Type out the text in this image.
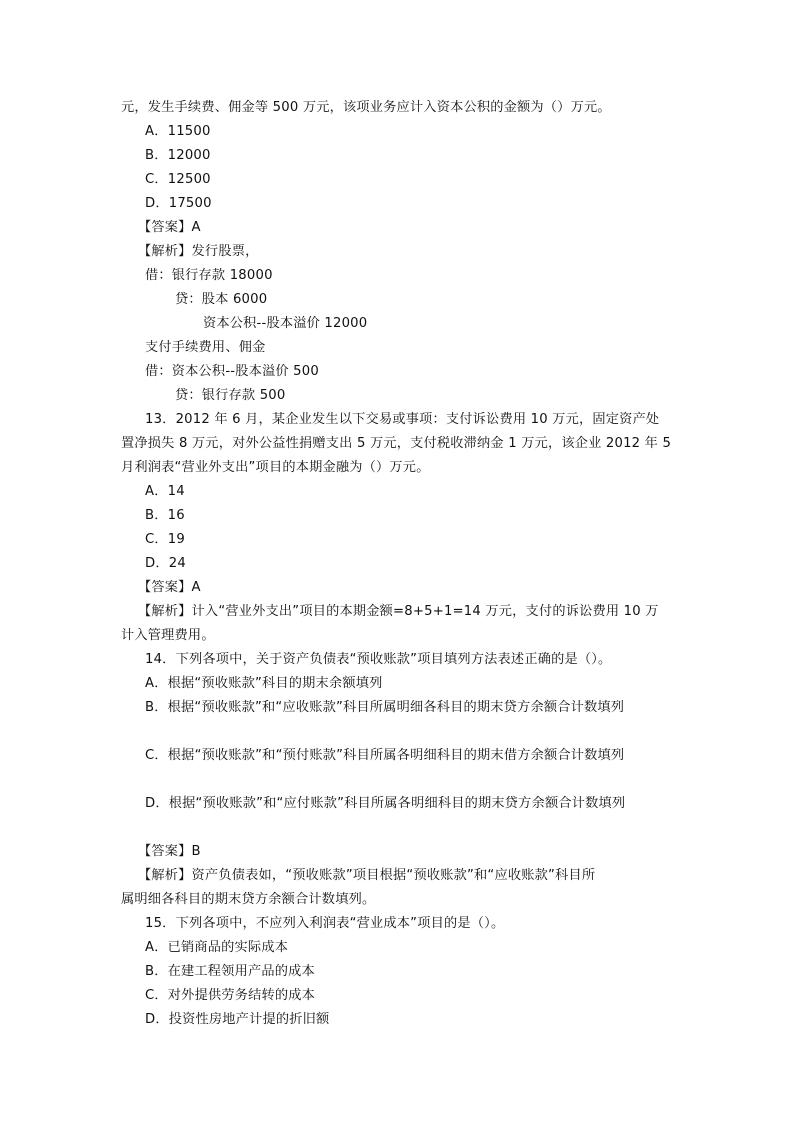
元，发生手续费、佣金等 500 万元，该项业务应计入资本公积的金额为（）万元。
A．11500
B．12000
C．12500
D．17500
【答案】A
【解析】发行股票，
借：银行存款 18000
贷：股本 6000
资本公积--股本溢价 12000
支付手续费用、佣金
借：资本公积--股本溢价 500
贷：银行存款 500
13．2012 年 6 月，某企业发生以下交易或事项：支付诉讼费用 10 万元，固定资产处
置净损失 8 万元，对外公益性捐赠支出 5 万元，支付税收滞纳金 1 万元，该企业 2012 年 5
月利润表“营业外支出”项目的本期金融为（）万元。
A．14
B．16
C．19
D．24
【答案】A
【解析】计入“营业外支出”项目的本期金额=8+5+1=14 万元，支付的诉讼费用 10 万
计入管理费用。
14．下列各项中，关于资产负债表“预收账款”项目填列方法表述正确的是（）。
A．根据“预收账款”科目的期末余额填列
B．根据“预收账款”和“应收账款”科目所属明细各科目的期末贷方余额合计数填列
C．根据“预收账款”和“预付账款”科目所属各明细科目的期末借方余额合计数填列
D．根据“预收账款”和“应付账款”科目所属各明细科目的期末贷方余额合计数填列
【答案】B
【解析】资产负债表如，“预收账款”项目根据“预收账款”和“应收账款”科目所
属明细各科目的期末贷方余额合计数填列。
15．下列各项中，不应列入利润表“营业成本”项目的是（）。
A．已销商品的实际成本
B．在建工程领用产品的成本
C．对外提供劳务结转的成本
D．投资性房地产计提的折旧额
